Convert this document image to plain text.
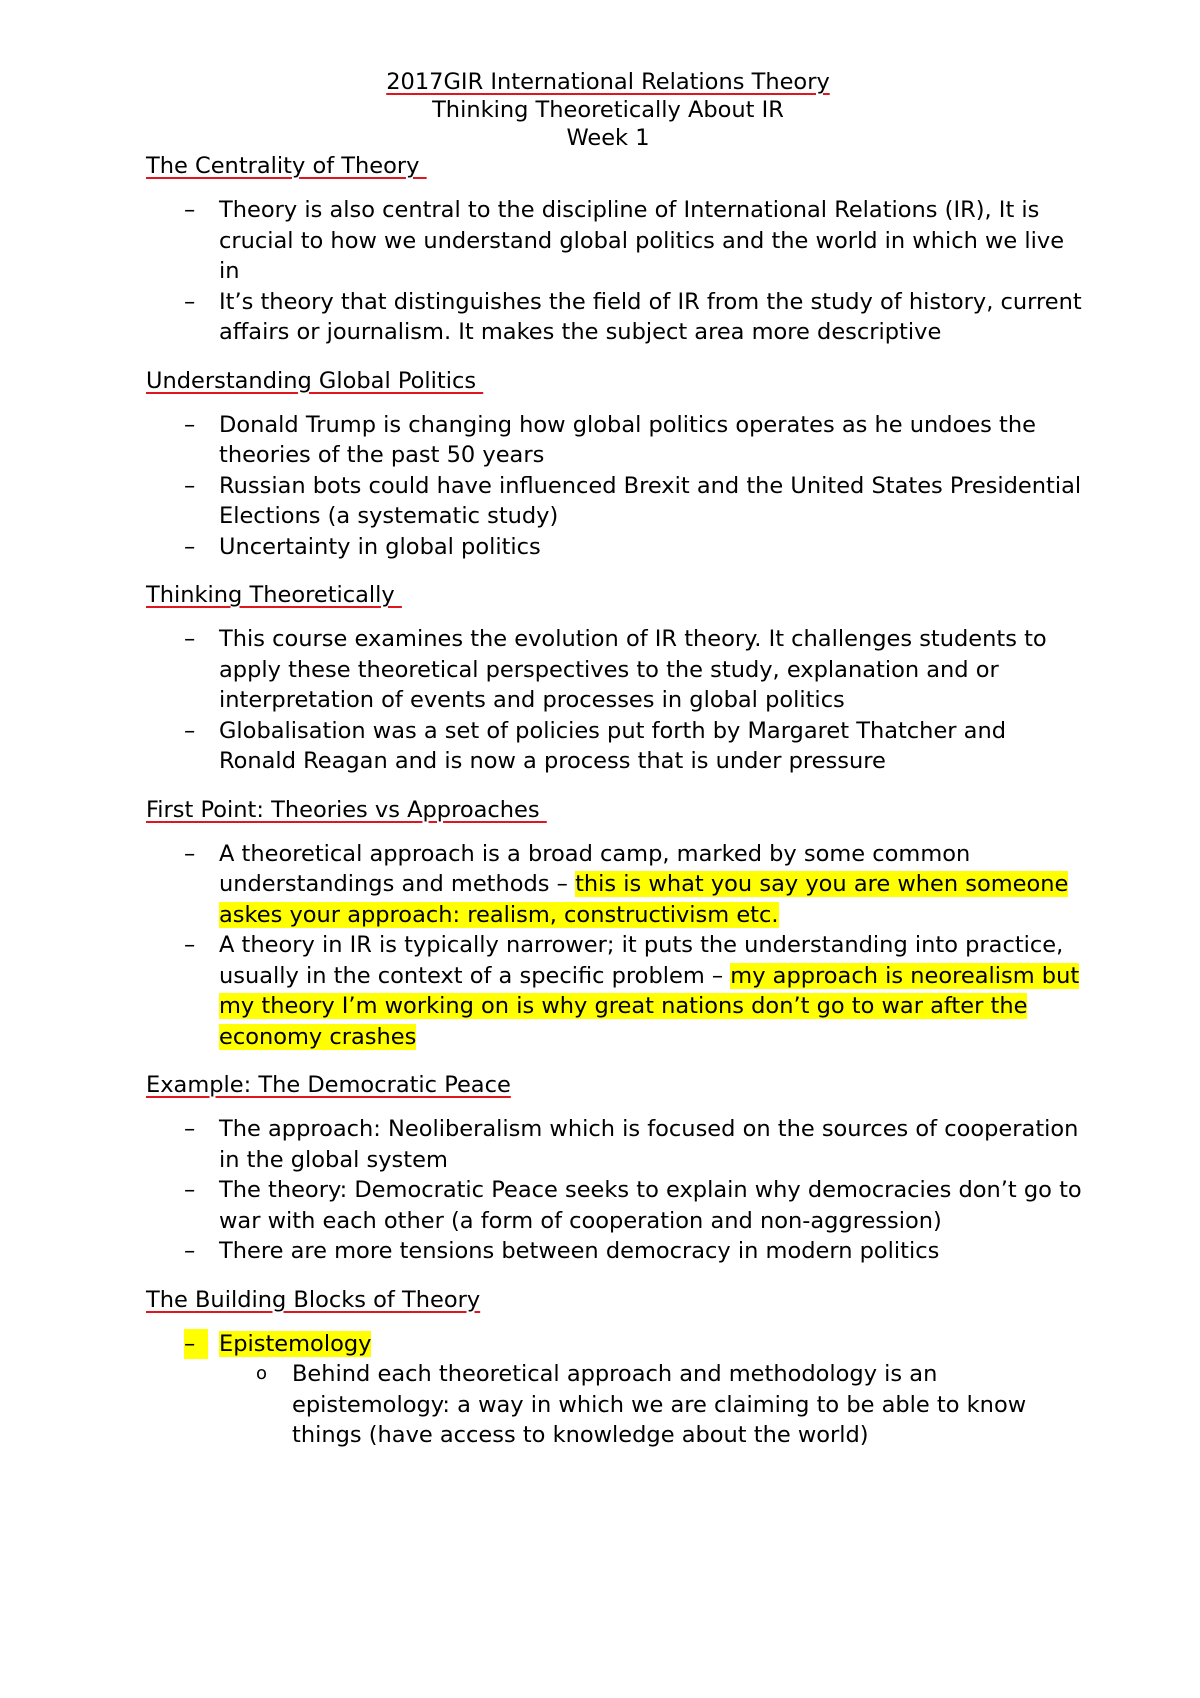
2017GIR International Relations Theory
Thinking Theoretically About IR
Week 1
The Centrality of Theory
–	Theory is also central to the discipline of International Relations (IR), It is crucial to how we understand global politics and the world in which we live in
–	It’s theory that distinguishes the field of IR from the study of history, current affairs or journalism. It makes the subject area more descriptive
Understanding Global Politics
–	Donald Trump is changing how global politics operates as he undoes the theories of the past 50 years
–	Russian bots could have influenced Brexit and the United States Presidential Elections (a systematic study)
–	Uncertainty in global politics
Thinking Theoretically
–	This course examines the evolution of IR theory. It challenges students to apply these theoretical perspectives to the study, explanation and or interpretation of events and processes in global politics
–	Globalisation was a set of policies put forth by Margaret Thatcher and Ronald Reagan and is now a process that is under pressure
First Point: Theories vs Approaches
–	A theoretical approach is a broad camp, marked by some common understandings and methods – this is what you say you are when someone askes your approach: realism, constructivism etc.
–	A theory in IR is typically narrower; it puts the understanding into practice, usually in the context of a specific problem – my approach is neorealism but my theory I’m working on is why great nations don’t go to war after the economy crashes
Example: The Democratic Peace
–	The approach: Neoliberalism which is focused on the sources of cooperation in the global system
–	The theory: Democratic Peace seeks to explain why democracies don’t go to war with each other (a form of cooperation and non-aggression)
–	There are more tensions between democracy in modern politics
The Building Blocks of Theory
–	Epistemology
o Behind each theoretical approach and methodology is an epistemology: a way in which we are claiming to be able to know things (have access to knowledge about the world)
